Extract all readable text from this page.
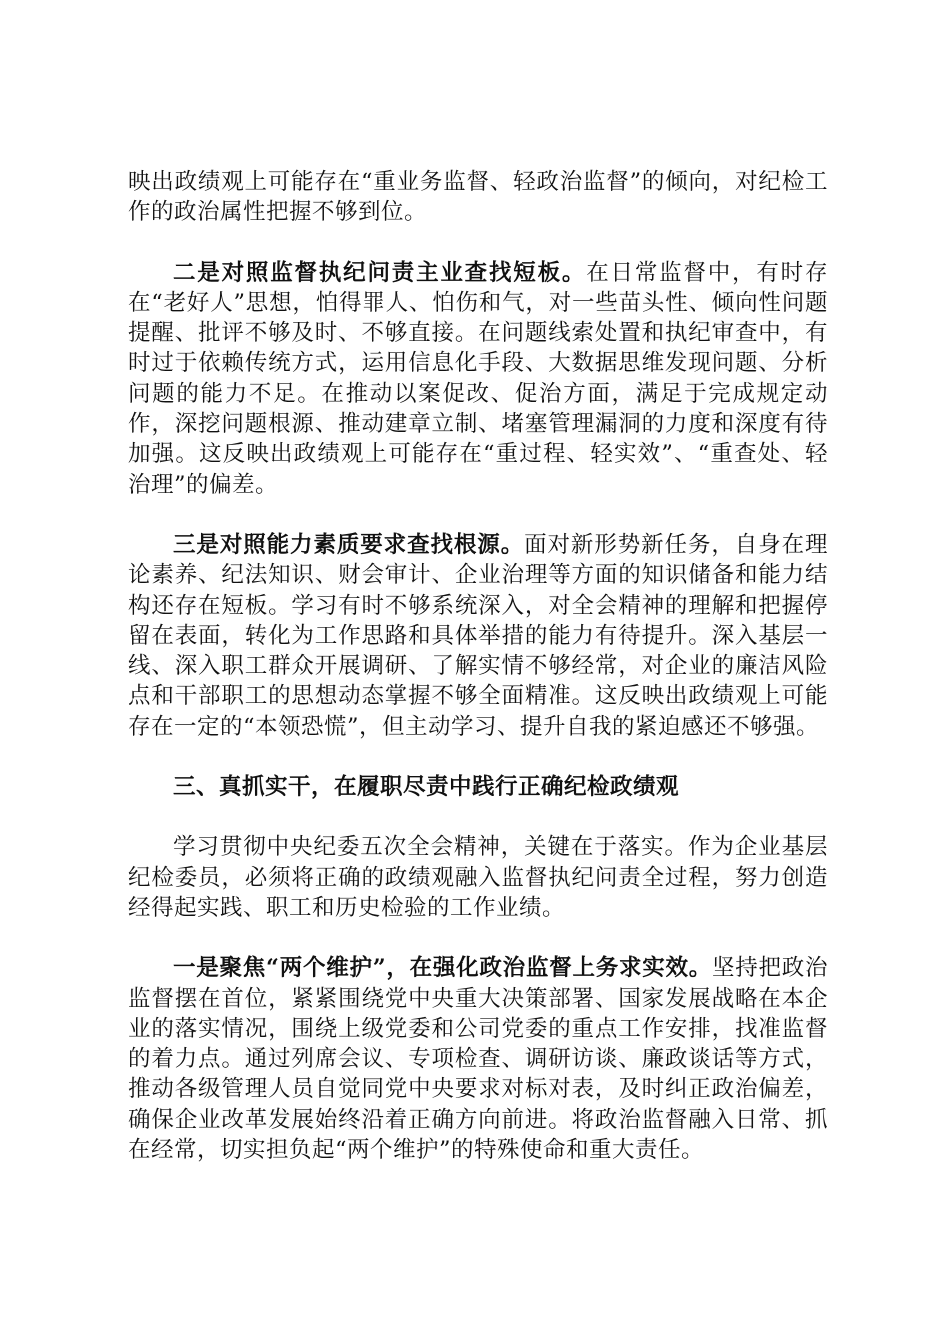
映出政绩观上可能存在“重业务监督、轻政治监督”的倾向，对纪检工作的政治属性把握不够到位。

二是对照监督执纪问责主业查找短板。在日常监督中，有时存在“老好人”思想，怕得罪人、怕伤和气，对一些苗头性、倾向性问题提醒、批评不够及时、不够直接。在问题线索处置和执纪审查中，有时过于依赖传统方式，运用信息化手段、大数据思维发现问题、分析问题的能力不足。在推动以案促改、促治方面，满足于完成规定动作，深挖问题根源、推动建章立制、堵塞管理漏洞的力度和深度有待加强。这反映出政绩观上可能存在“重过程、轻实效”、“重查处、轻治理”的偏差。

三是对照能力素质要求查找根源。面对新形势新任务，自身在理论素养、纪法知识、财会审计、企业治理等方面的知识储备和能力结构还存在短板。学习有时不够系统深入，对全会精神的理解和把握停留在表面，转化为工作思路和具体举措的能力有待提升。深入基层一线、深入职工群众开展调研、了解实情不够经常，对企业的廉洁风险点和干部职工的思想动态掌握不够全面精准。这反映出政绩观上可能存在一定的“本领恐慌”，但主动学习、提升自我的紧迫感还不够强。

三、真抓实干，在履职尽责中践行正确纪检政绩观

学习贯彻中央纪委五次全会精神，关键在于落实。作为企业基层纪检委员，必须将正确的政绩观融入监督执纪问责全过程，努力创造经得起实践、职工和历史检验的工作业绩。

一是聚焦“两个维护”，在强化政治监督上务求实效。坚持把政治监督摆在首位，紧紧围绕党中央重大决策部署、国家发展战略在本企业的落实情况，围绕上级党委和公司党委的重点工作安排，找准监督的着力点。通过列席会议、专项检查、调研访谈、廉政谈话等方式，推动各级管理人员自觉同党中央要求对标对表，及时纠正政治偏差，确保企业改革发展始终沿着正确方向前进。将政治监督融入日常、抓在经常，切实担负起“两个维护”的特殊使命和重大责任。
